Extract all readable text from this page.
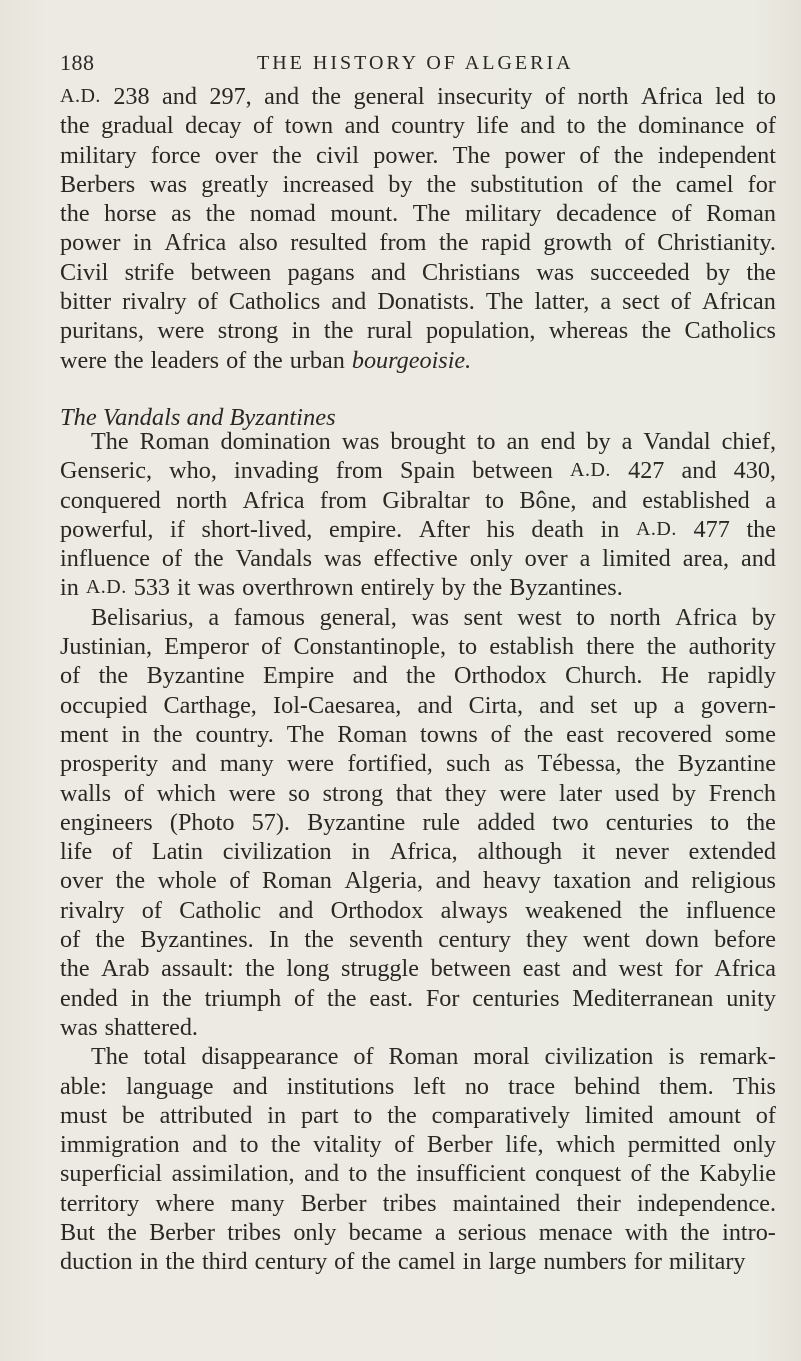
188	THE HISTORY OF ALGERIA
A.D. 238 and 297, and the general insecurity of north Africa led to
the gradual decay of town and country life and to the dominance of
military force over the civil power. The power of the independent
Berbers was greatly increased by the substitution of the camel for
the horse as the nomad mount. The military decadence of Roman
power in Africa also resulted from the rapid growth of Christianity.
Civil strife between pagans and Christians was succeeded by the
bitter rivalry of Catholics and Donatists. The latter, a sect of African
puritans, were strong in the rural population, whereas the Catholics
were the leaders of the urban bourgeoisie.
The Vandals and Byzantines
The Roman domination was brought to an end by a Vandal chief,
Genseric, who, invading from Spain between A.D. 427 and 430,
conquered north Africa from Gibraltar to Bône, and established a
powerful, if short-lived, empire. After his death in A.D. 477 the
influence of the Vandals was effective only over a limited area, and
in A.D. 533 it was overthrown entirely by the Byzantines.
Belisarius, a famous general, was sent west to north Africa by
Justinian, Emperor of Constantinople, to establish there the authority
of the Byzantine Empire and the Orthodox Church. He rapidly
occupied Carthage, Iol-Caesarea, and Cirta, and set up a govern-
ment in the country. The Roman towns of the east recovered some
prosperity and many were fortified, such as Tébessa, the Byzantine
walls of which were so strong that they were later used by French
engineers (Photo 57). Byzantine rule added two centuries to the
life of Latin civilization in Africa, although it never extended
over the whole of Roman Algeria, and heavy taxation and religious
rivalry of Catholic and Orthodox always weakened the influence
of the Byzantines. In the seventh century they went down before
the Arab assault: the long struggle between east and west for Africa
ended in the triumph of the east. For centuries Mediterranean unity
was shattered.
The total disappearance of Roman moral civilization is remark-
able: language and institutions left no trace behind them. This
must be attributed in part to the comparatively limited amount of
immigration and to the vitality of Berber life, which permitted only
superficial assimilation, and to the insufficient conquest of the Kabylie
territory where many Berber tribes maintained their independence.
But the Berber tribes only became a serious menace with the intro-
duction in the third century of the camel in large numbers for military
